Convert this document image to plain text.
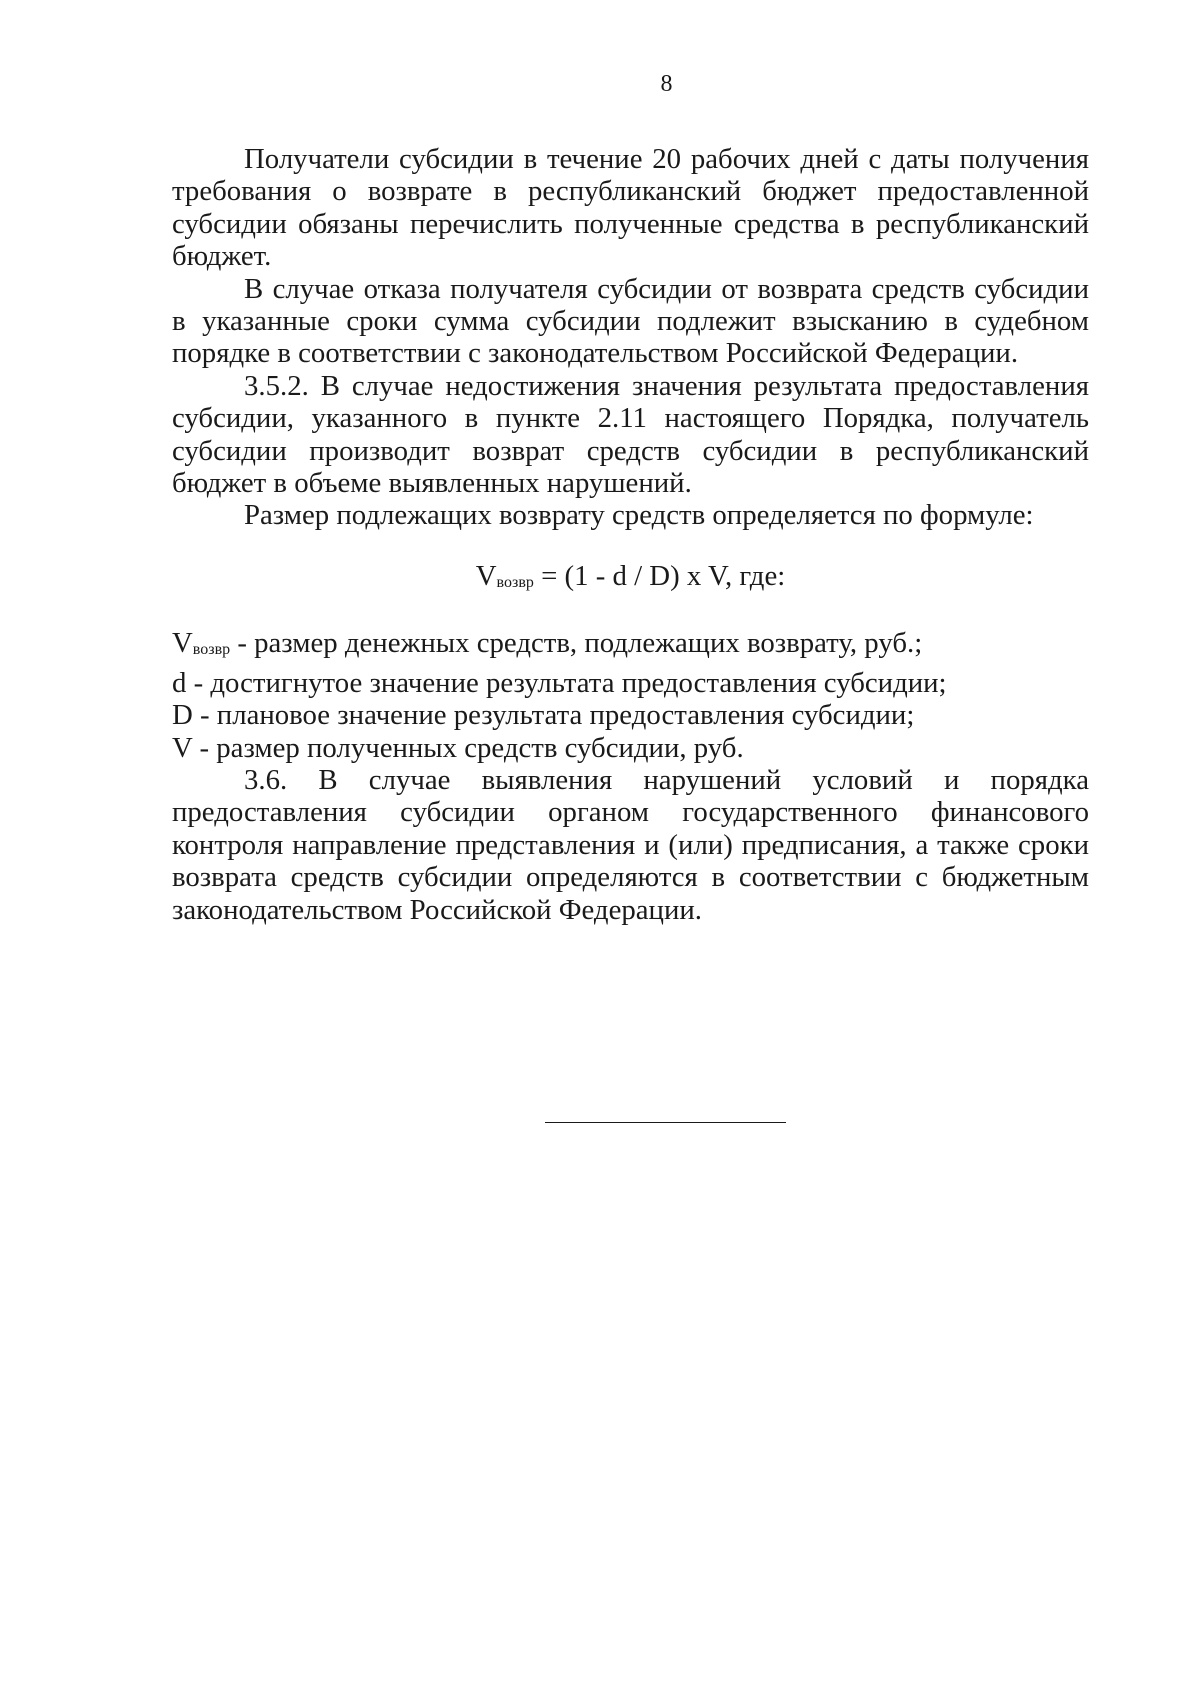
8

Получатели субсидии в течение 20 рабочих дней с даты получения требования о возврате в республиканский бюджет предоставленной субсидии обязаны перечислить полученные средства в республиканский бюджет.

В случае отказа получателя субсидии от возврата средств субсидии в указанные сроки сумма субсидии подлежит взысканию в судебном порядке в соответствии с законодательством Российской Федерации.

3.5.2. В случае недостижения значения результата предоставления субсидии, указанного в пункте 2.11 настоящего Порядка, получатель субсидии производит возврат средств субсидии в республиканский бюджет в объеме выявленных нарушений.

Размер подлежащих возврату средств определяется по формуле:

$V_{возвр} = (1 - d / D)$ x V, где:

$V_{возвр}$ - размер денежных средств, подлежащих возврату, руб.;

d - достигнутое значение результата предоставления субсидии;

D - плановое значение результата предоставления субсидии;

V - размер полученных средств субсидии, руб.

3.6. В случае выявления нарушений условий и порядка предоставления субсидии органом государственного финансового контроля направление представления и (или) предписания, а также сроки возврата средств субсидии определяются в соответствии с бюджетным законодательством Российской Федерации.
